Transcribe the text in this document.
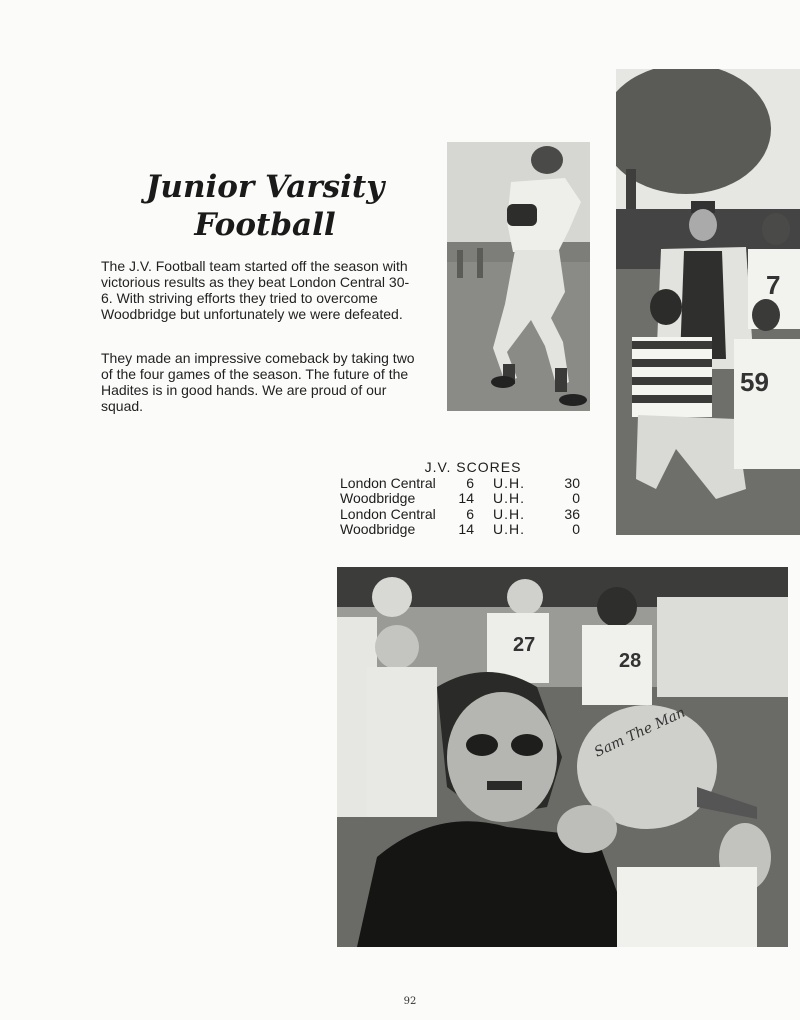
Junior Varsity
Football
The J.V. Football team started off the season with victorious results as they beat London Central 30-6. With striving efforts they tried to overcome Woodbridge but unfortunately we were defeated.
They made an impressive comeback by taking two of the four games of the season. The future of the Hadites is in good hands. We are proud of our squad.
7
59
J.V. SCORES
London Central	6	U.H.	30
Woodbridge	14	U.H.	0
London Central	6	U.H.	36
Woodbridge	14	U.H.	0
27
28
Sam The Man
92
